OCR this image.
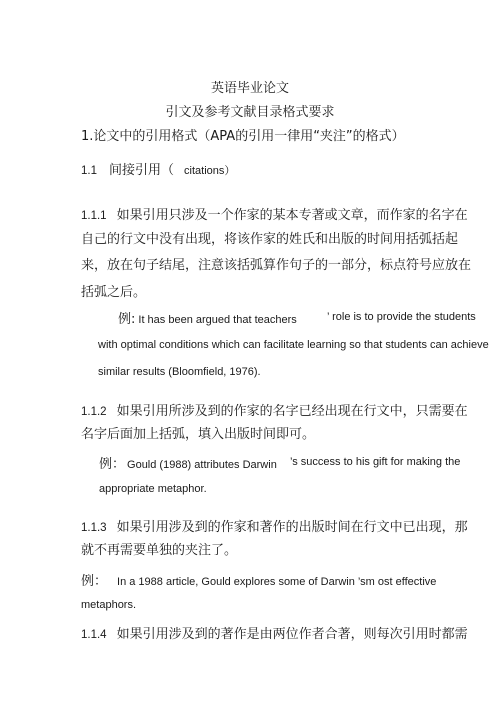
英语毕业论文
引文及参考文献目录格式要求
1.论文中的引用格式（APA的引用一律用“夹注”的格式）
1.1 间接引用（ citations）
1.1.1 如果引用只涉及一个作家的某本专著或文章，而作家的名字在
自己的行文中没有出现，将该作家的姓氏和出版的时间用括弧括起
来，放在句子结尾，注意该括弧算作句子的一部分，标点符号应放在
括弧之后。
例: It has been argued that teachers	’ role is to provide the students
with optimal conditions which can facilitate learning so that students can achieve
similar results (Bloomfield, 1976).
1.1.2 如果引用所涉及到的作家的名字已经出现在行文中，只需要在
名字后面加上括弧，填入出版时间即可。
例： Gould (1988) attributes Darwin ’s success to his gift for making the
appropriate metaphor.
1.1.3 如果引用涉及到的作家和著作的出版时间在行文中已出现，那
就不再需要单独的夹注了。
例： In a 1988 article, Gould explores some of Darwin ’sm ost effective
metaphors.
1.1.4 如果引用涉及到的著作是由两位作者合著，则每次引用时都需
